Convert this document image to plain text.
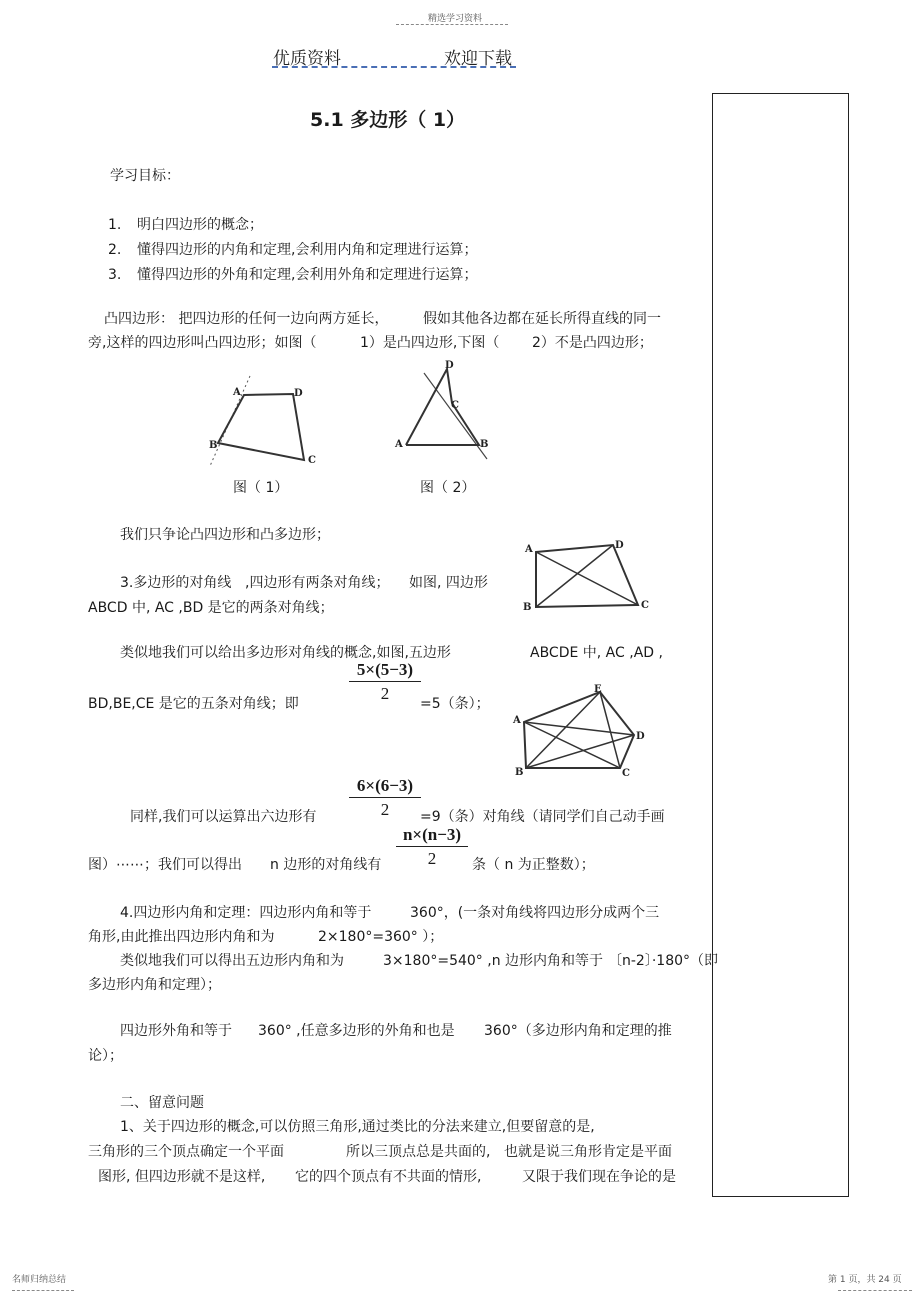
精选学习资料
优质资料	欢迎下载
5.1 多边形（ 1）
学习目标：
1. 明白四边形的概念；
2. 懂得四边形的内角和定理,会利用内角和定理进行运算；
3. 懂得四边形的外角和定理,会利用外角和定理进行运算；
凸四边形： 把四边形的任何一边向两方延长， 假如其他各边都在延长所得直线的同一
旁,这样的四边形叫凸四边形；如图（	1）是凸四边形,下图（ 2）不是凸四边形；
A	D
B
C
D
C
A	B
图（ 1）	图（ 2）
我们只争论凸四边形和凸多边形；
A	D
B	C
3.多边形的对角线 ,四边形有两条对角线； 如图, 四边形
ABCD 中, AC ,BD 是它的两条对角线；
类似地我们可以给出多边形对角线的概念,如图,五边形	ABCDE 中, AC ,AD ,
5×(5−3)
2
BD,BE,CE 是它的五条对角线；即	=5（条）；
E
A
D
B	C
6×(6−3)
2
同样,我们可以运算出六边形有	=9（条）对角线（请同学们自己动手画
n×(n−3)
2
图）⋯⋯；我们可以得出 n 边形的对角线有	条（ n 为正整数）；
4.四边形内角和定理：四边形内角和等于	360°，(一条对角线将四边形分成两个三
角形,由此推出四边形内角和为	2×180°=360° ）；
类似地我们可以得出五边形内角和为	3×180°=540° ,n 边形内角和等于 〔n-2〕·180°（即
多边形内角和定理）；
四边形外角和等于 360° ,任意多边形的外角和也是 360°（多边形内角和定理的推
论）；
二、留意问题
1、关于四边形的概念,可以仿照三角形,通过类比的分法来建立,但要留意的是,
三角形的三个顶点确定一个平面	所以三顶点总是共面的, 也就是说三角形肯定是平面
图形, 但四边形就不是这样, 它的四个顶点有不共面的情形,	又限于我们现在争论的是
名师归纳总结	第 1 页，共 24 页
